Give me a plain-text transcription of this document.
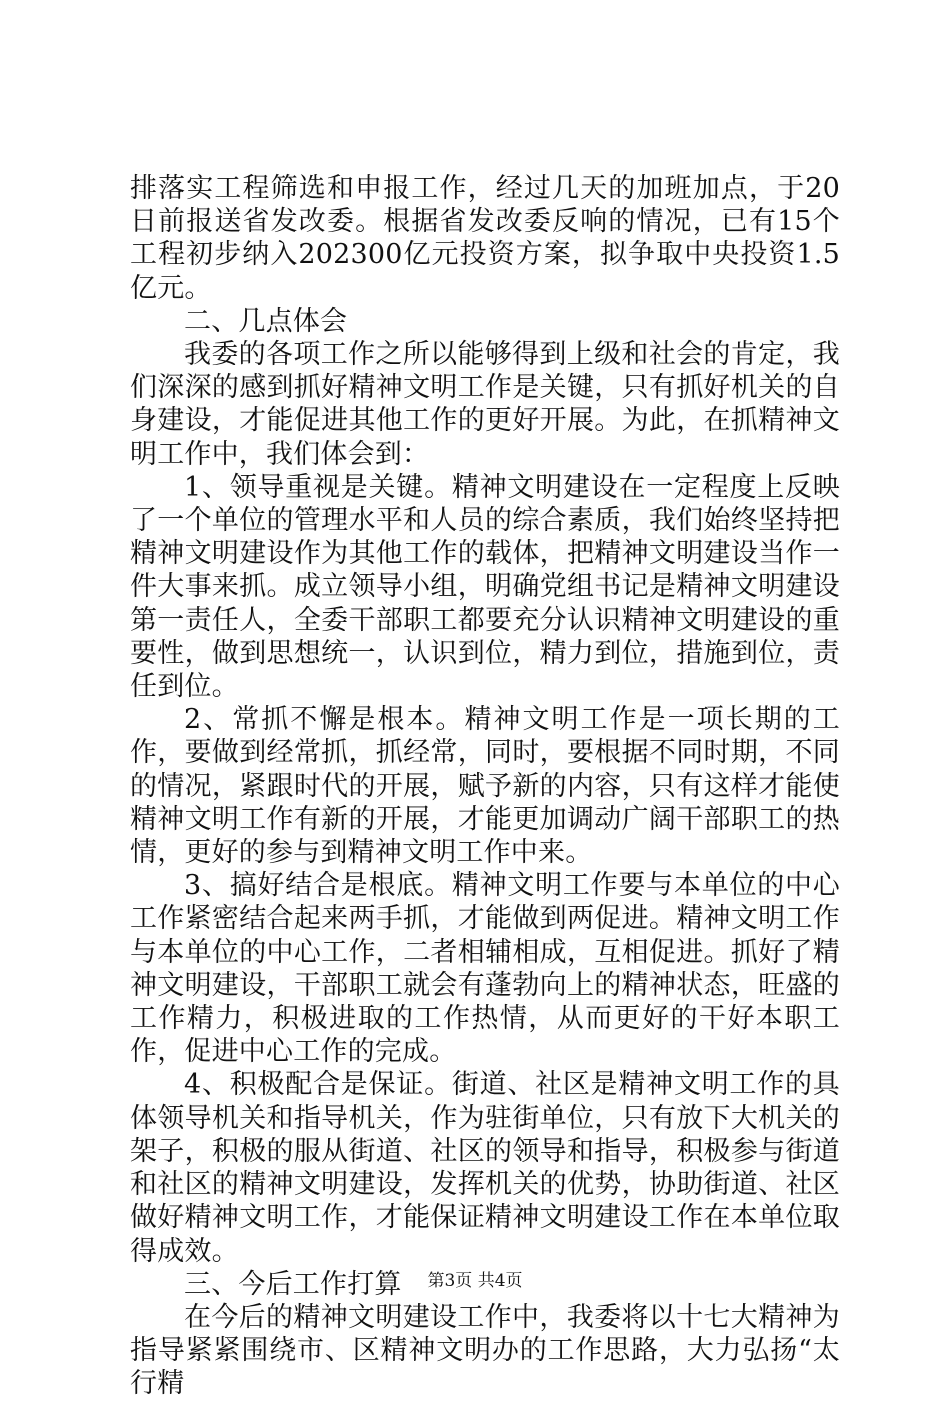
排落实工程筛选和申报工作，经过几天的加班加点，于20日前报送省发改委。根据省发改委反响的情况，已有15个工程初步纳入202300亿元投资方案，拟争取中央投资1.5亿元。

二、几点体会

我委的各项工作之所以能够得到上级和社会的肯定，我们深深的感到抓好精神文明工作是关键，只有抓好机关的自身建设，才能促进其他工作的更好开展。为此，在抓精神文明工作中，我们体会到：

1、领导重视是关键。精神文明建设在一定程度上反映了一个单位的管理水平和人员的综合素质，我们始终坚持把精神文明建设作为其他工作的载体，把精神文明建设当作一件大事来抓。成立领导小组，明确党组书记是精神文明建设第一责任人，全委干部职工都要充分认识精神文明建设的重要性，做到思想统一，认识到位，精力到位，措施到位，责任到位。

2、常抓不懈是根本。精神文明工作是一项长期的工作，要做到经常抓，抓经常，同时，要根据不同时期，不同的情况，紧跟时代的开展，赋予新的内容，只有这样才能使精神文明工作有新的开展，才能更加调动广阔干部职工的热情，更好的参与到精神文明工作中来。

3、搞好结合是根底。精神文明工作要与本单位的中心工作紧密结合起来两手抓，才能做到两促进。精神文明工作与本单位的中心工作，二者相辅相成，互相促进。抓好了精神文明建设，干部职工就会有蓬勃向上的精神状态，旺盛的工作精力，积极进取的工作热情，从而更好的干好本职工作，促进中心工作的完成。

4、积极配合是保证。街道、社区是精神文明工作的具体领导机关和指导机关，作为驻街单位，只有放下大机关的架子，积极的服从街道、社区的领导和指导，积极参与街道和社区的精神文明建设，发挥机关的优势，协助街道、社区做好精神文明工作，才能保证精神文明建设工作在本单位取得成效。

三、今后工作打算

在今后的精神文明建设工作中，我委将以十七大精神为指导紧紧围绕市、区精神文明办的工作思路，大力弘扬“太行精

第3页 共4页
